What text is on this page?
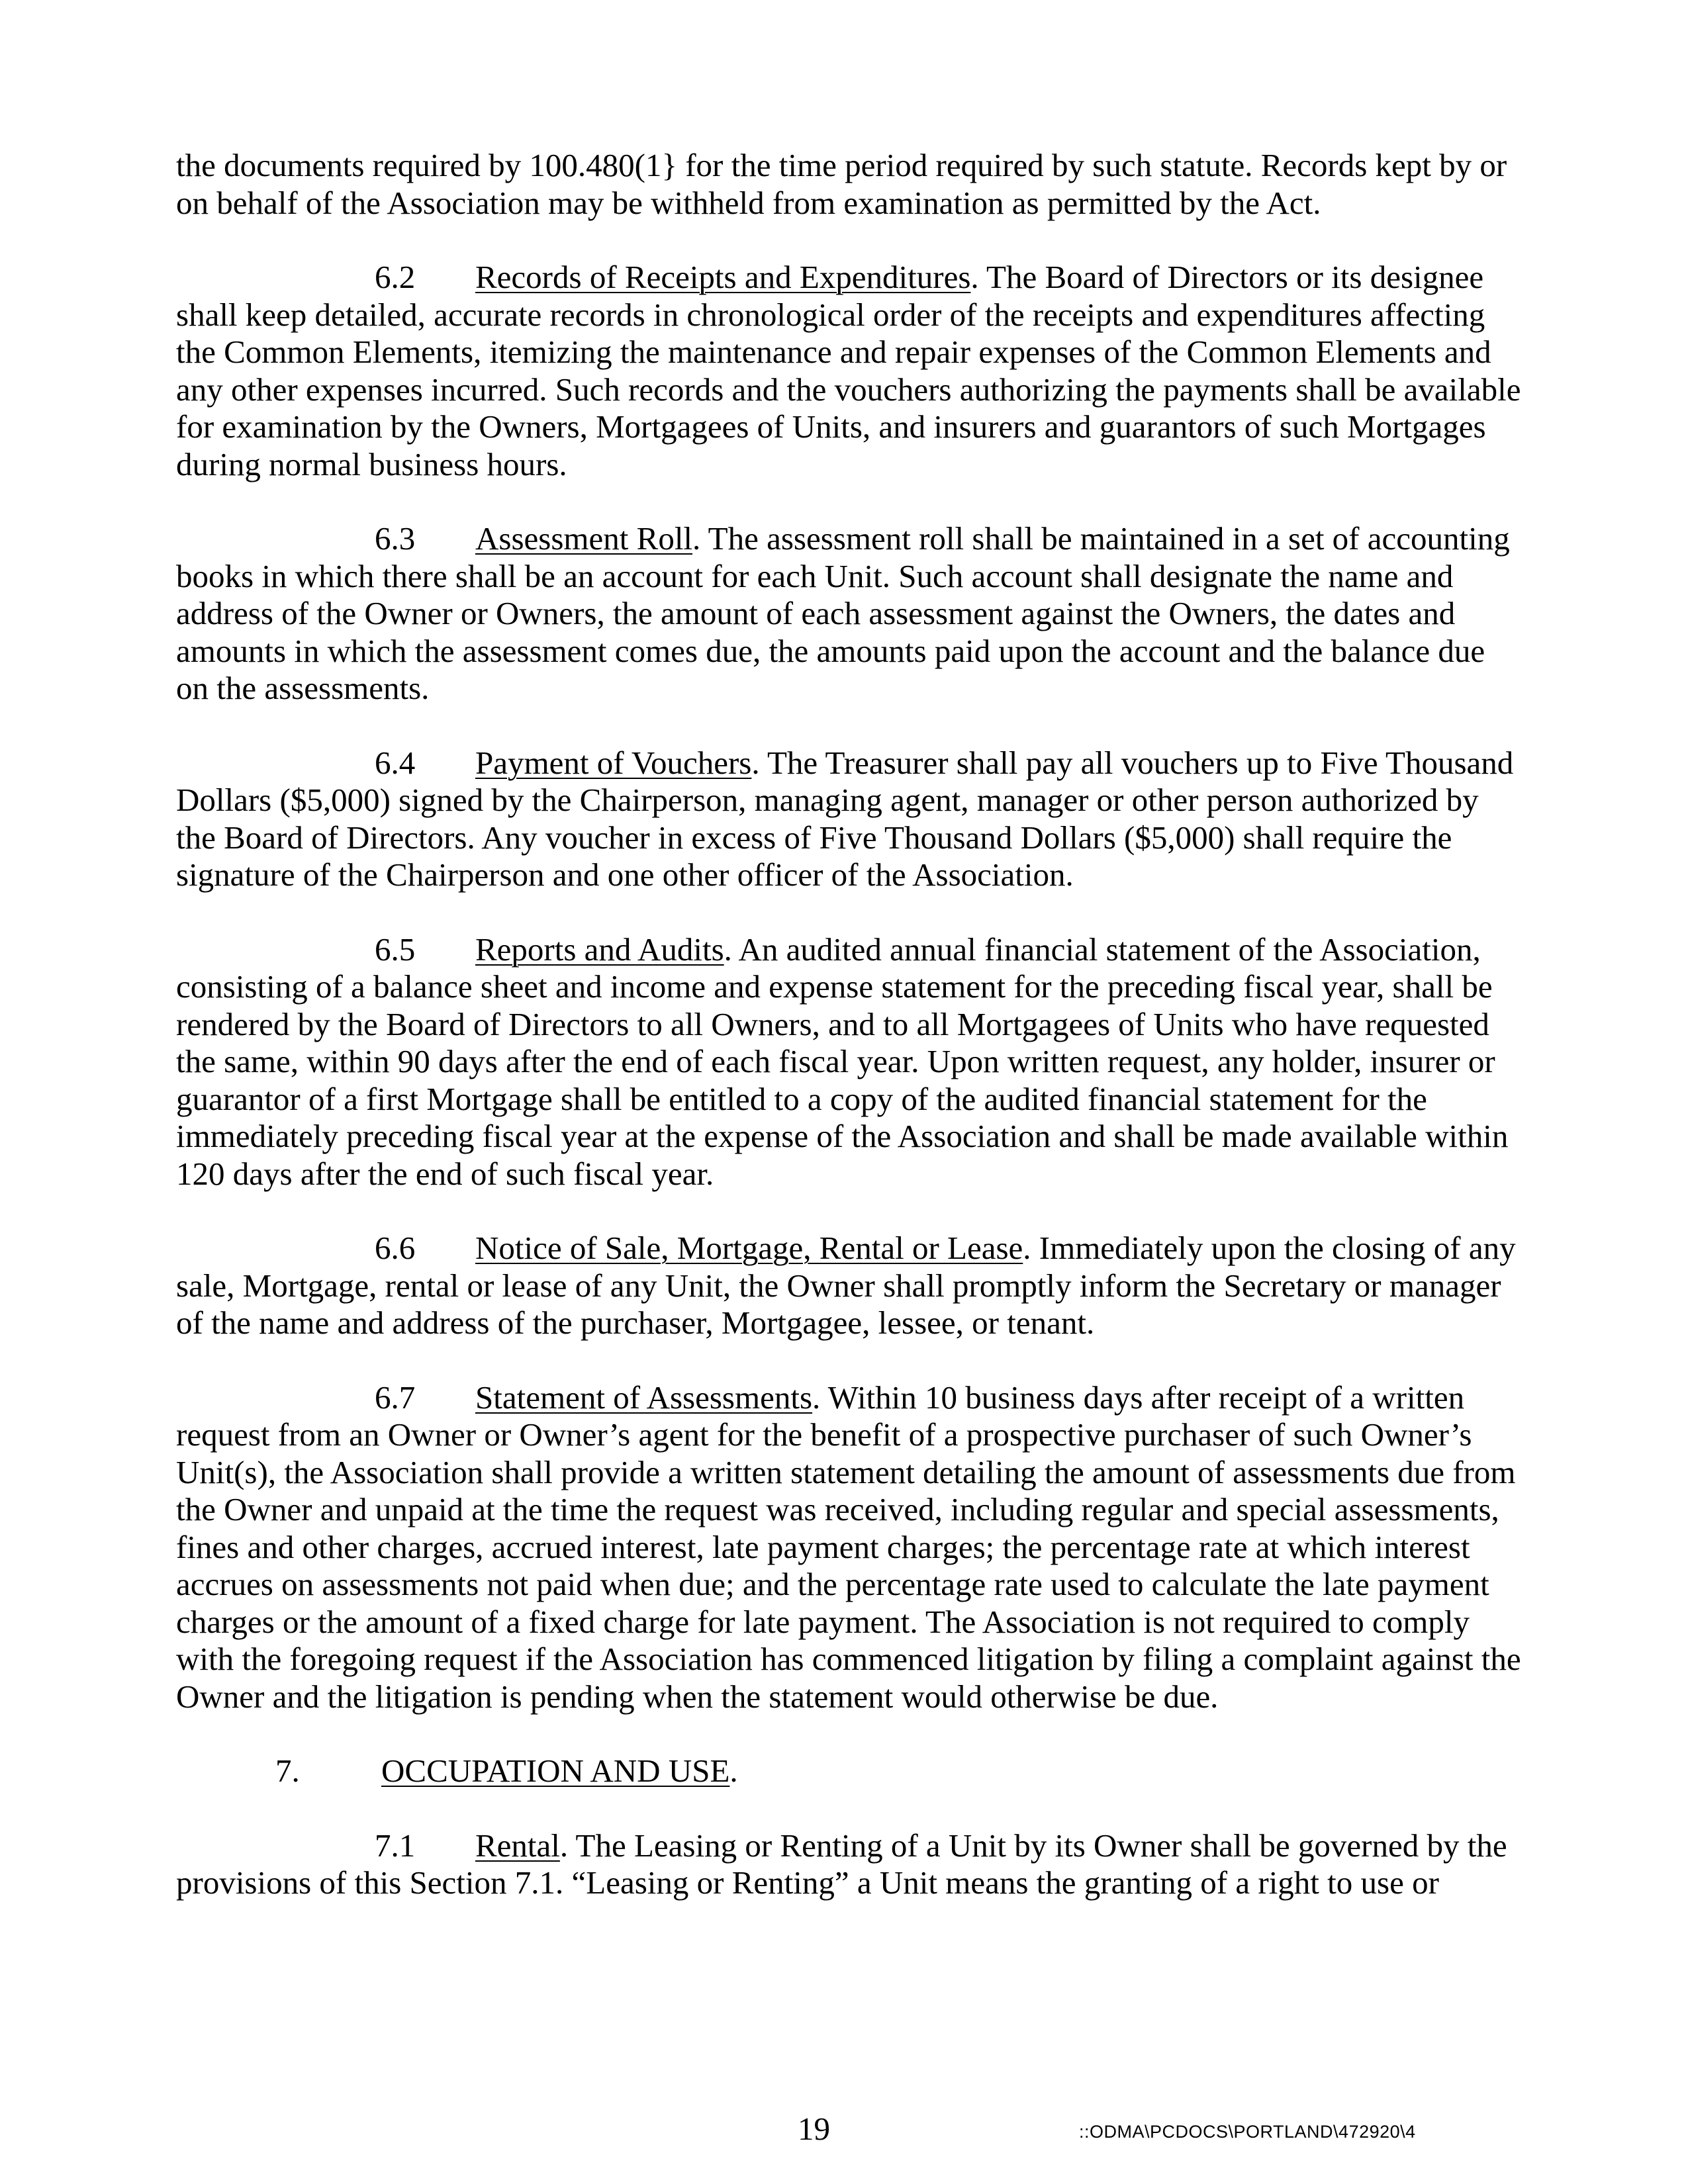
the documents required by 100.480(1} for the time period required by such statute. Records kept by or on behalf of the Association may be withheld from examination as permitted by the Act.

6.2 Records of Receipts and Expenditures. The Board of Directors or its designee shall keep detailed, accurate records in chronological order of the receipts and expenditures affecting the Common Elements, itemizing the maintenance and repair expenses of the Common Elements and any other expenses incurred. Such records and the vouchers authorizing the payments shall be available for examination by the Owners, Mortgagees of Units, and insurers and guarantors of such Mortgages during normal business hours.

6.3 Assessment Roll. The assessment roll shall be maintained in a set of accounting books in which there shall be an account for each Unit. Such account shall designate the name and address of the Owner or Owners, the amount of each assessment against the Owners, the dates and amounts in which the assessment comes due, the amounts paid upon the account and the balance due on the assessments.

6.4 Payment of Vouchers. The Treasurer shall pay all vouchers up to Five Thousand Dollars ($5,000) signed by the Chairperson, managing agent, manager or other person authorized by the Board of Directors. Any voucher in excess of Five Thousand Dollars ($5,000) shall require the signature of the Chairperson and one other officer of the Association.

6.5 Reports and Audits. An audited annual financial statement of the Association, consisting of a balance sheet and income and expense statement for the preceding fiscal year, shall be rendered by the Board of Directors to all Owners, and to all Mortgagees of Units who have requested the same, within 90 days after the end of each fiscal year. Upon written request, any holder, insurer or guarantor of a first Mortgage shall be entitled to a copy of the audited financial statement for the immediately preceding fiscal year at the expense of the Association and shall be made available within 120 days after the end of such fiscal year.

6.6 Notice of Sale, Mortgage, Rental or Lease. Immediately upon the closing of any sale, Mortgage, rental or lease of any Unit, the Owner shall promptly inform the Secretary or manager of the name and address of the purchaser, Mortgagee, lessee, or tenant.

6.7 Statement of Assessments. Within 10 business days after receipt of a written request from an Owner or Owner’s agent for the benefit of a prospective purchaser of such Owner’s Unit(s), the Association shall provide a written statement detailing the amount of assessments due from the Owner and unpaid at the time the request was received, including regular and special assessments, fines and other charges, accrued interest, late payment charges; the percentage rate at which interest accrues on assessments not paid when due; and the percentage rate used to calculate the late payment charges or the amount of a fixed charge for late payment. The Association is not required to comply with the foregoing request if the Association has commenced litigation by filing a complaint against the Owner and the litigation is pending when the statement would otherwise be due.

7.	OCCUPATION AND USE.

7.1 Rental. The Leasing or Renting of a Unit by its Owner shall be governed by the provisions of this Section 7.1. “Leasing or Renting” a Unit means the granting of a right to use or

19	::ODMA\PCDOCS\PORTLAND\472920\4
